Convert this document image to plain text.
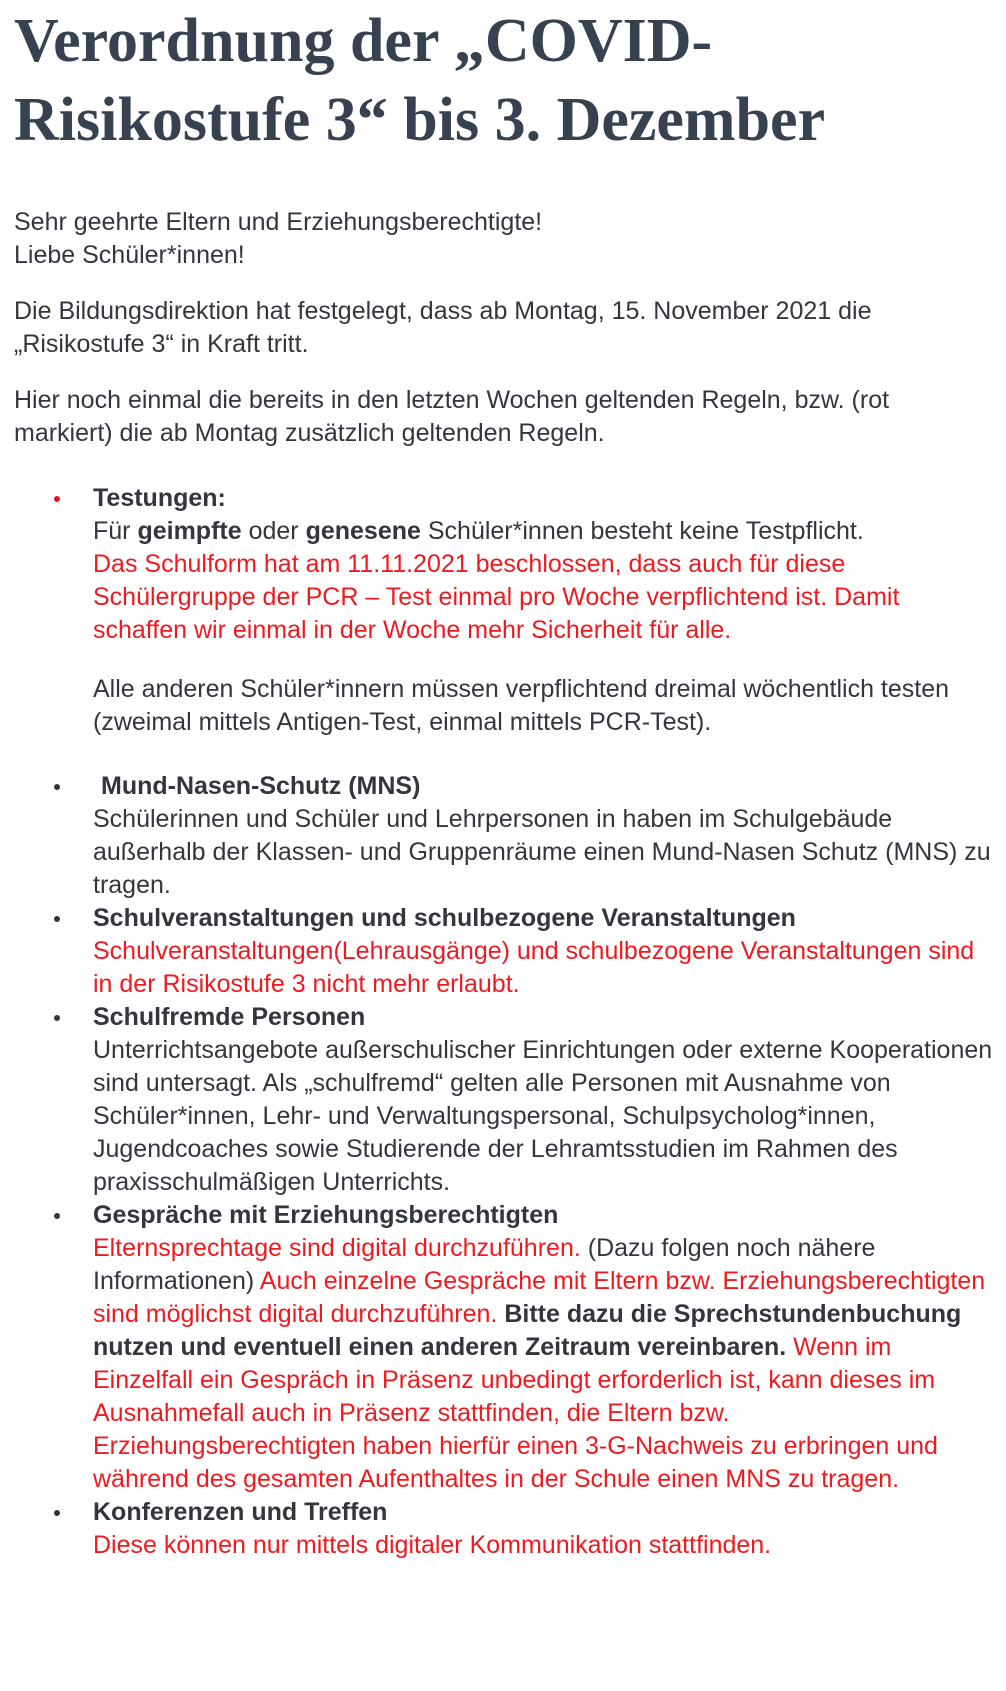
Verordnung der „COVID-Risikostufe 3“ bis 3. Dezember

Sehr geehrte Eltern und Erziehungsberechtigte!
Liebe Schüler*innen!

Die Bildungsdirektion hat festgelegt, dass ab Montag, 15. November 2021 die „Risikostufe 3“ in Kraft tritt.

Hier noch einmal die bereits in den letzten Wochen geltenden Regeln, bzw. (rot markiert) die ab Montag zusätzlich geltenden Regeln.

Testungen:
Für geimpfte oder genesene Schüler*innen besteht keine Testpflicht.
Das Schulform hat am 11.11.2021 beschlossen, dass auch für diese Schülergruppe der PCR – Test einmal pro Woche verpflichtend ist. Damit schaffen wir einmal in der Woche mehr Sicherheit für alle.
Alle anderen Schüler*innern müssen verpflichtend dreimal wöchentlich testen (zweimal mittels Antigen-Test, einmal mittels PCR-Test).
Mund-Nasen-Schutz (MNS)
Schülerinnen und Schüler und Lehrpersonen in haben im Schulgebäude außerhalb der Klassen- und Gruppenräume einen Mund-Nasen Schutz (MNS) zu tragen.
Schulveranstaltungen und schulbezogene Veranstaltungen
Schulveranstaltungen(Lehrausgänge) und schulbezogene Veranstaltungen sind in der Risikostufe 3 nicht mehr erlaubt.
Schulfremde Personen
Unterrichtsangebote außerschulischer Einrichtungen oder externe Kooperationen sind untersagt. Als „schulfremd“ gelten alle Personen mit Ausnahme von Schüler*innen, Lehr- und Verwaltungspersonal, Schulpsycholog*innen, Jugendcoaches sowie Studierende der Lehramtsstudien im Rahmen des praxisschulmäßigen Unterrichts.
Gespräche mit Erziehungsberechtigten
Elternsprechtage sind digital durchzuführen. (Dazu folgen noch nähere Informationen) Auch einzelne Gespräche mit Eltern bzw. Erziehungsberechtigten sind möglichst digital durchzuführen. Bitte dazu die Sprechstundenbuchung nutzen und eventuell einen anderen Zeitraum vereinbaren. Wenn im Einzelfall ein Gespräch in Präsenz unbedingt erforderlich ist, kann dieses im Ausnahmefall auch in Präsenz stattfinden, die Eltern bzw. Erziehungsberechtigten haben hierfür einen 3-G-Nachweis zu erbringen und während des gesamten Aufenthaltes in der Schule einen MNS zu tragen.
Konferenzen und Treffen
Diese können nur mittels digitaler Kommunikation stattfinden.
